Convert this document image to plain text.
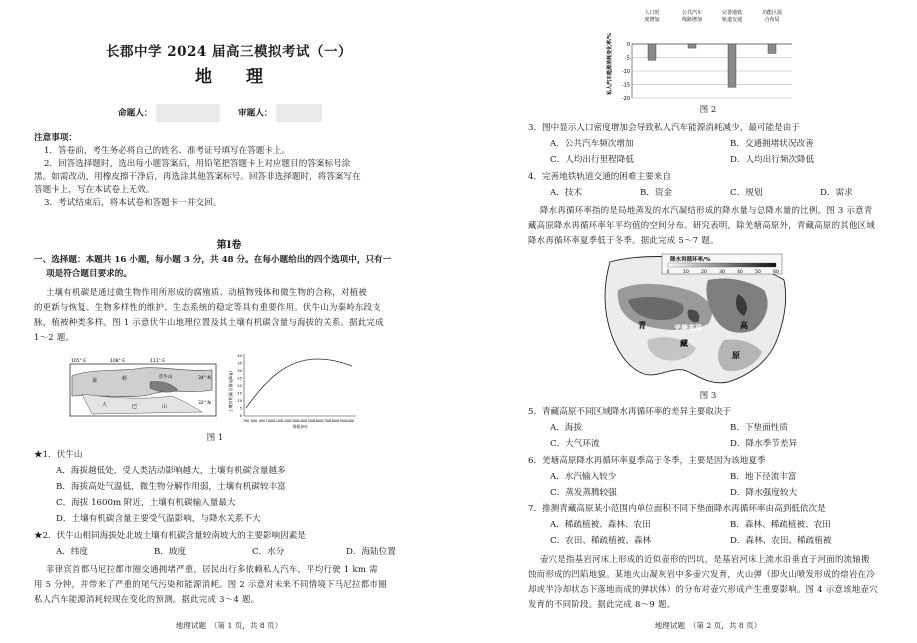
长郡中学 2024 届高三模拟考试（一）
地 理
命题人：	审题人：
注意事项：
1．答卷前，考生务必将自己的姓名、准考证号填写在答题卡上。
2．回答选择题时，选出每小题答案后，用铅笔把答题卡上对应题目的答案标号涂
黑。如需改动，用橡皮擦干净后，再选涂其他答案标号。回答非选择题时，将答案写在
答题卡上，写在本试卷上无效。
3．考试结束后，将本试卷和答题卡一并交回。
第Ⅰ卷
一、选择题：本题共 16 小题，每小题 3 分，共 48 分。在每小题给出的四个选项中，只有一
项是符合题目要求的。
土壤有机碳是通过微生物作用所形成的腐殖质、动植物残体和微生物的合称，对植被
的更新与恢复、生物多样性的维护、生态系统的稳定等具有重要作用。伏牛山为秦岭东段支
脉，植被种类多样。图 1 示意伏牛山地理位置及其土壤有机碳含量与海拔的关系。据此完成
1～2 题。
105° E	108° E	111° E
34° N
32° N
秦	岭	伏牛山
大	巴	山	土壤有机碳含量(g/kg)
40
35
30
25
20
15
10
5
0
700 800 900 1000 1100 1200 1300 1400 1500 1600 1700 1800 1900 2000
海拔(m)
图 1
★1．伏牛山
A．海拔越低处，受人类活动影响越大，土壤有机碳含量越多
B．海拔高处气温低，微生物分解作用弱，土壤有机碳较丰富
C．海拔 1600m 附近，土壤有机碳输入量最大
D．土壤有机碳含量主要受气温影响，与降水关系不大
★2．伏牛山相同海拔处北坡土壤有机碳含量较南坡大的主要影响因素是
A．纬度	B．坡度	C．水分	D．海陆位置
菲律宾首都马尼拉都市圈交通拥堵严重，居民出行多依赖私人汽车，平均行驶 1 km 需
用 5 分钟，并带来了严重的尾气污染和能源消耗。图 2 示意对未来不同情境下马尼拉都市圈
私人汽车能源消耗较现在变化的预测。据此完成 3～4 题。
地理试题　（第 1 页，共 8 页）
私人汽车能源消耗变化率/%
人口密
度增加
公共汽车
线路增加
完善地铁
轨道交通
功能区混
合布局
0
-5
-10
-15
-20
图 2
3．图中显示人口密度增加会导致私人汽车能源消耗减少，最可能是由于
A．公共汽车频次增加	B．交通拥堵状况改善
C．人均出行里程降低	D．人均出行频次降低
4．完善地铁轨道交通的困难主要来自
A．技术	B．资金	C．规划	D．需求
降水再循环率指的是局地蒸发的水汽凝结形成的降水量与总降水量的比例。图 3 示意青
藏高原降水再循环率年平均值的空间分布。研究表明，除羌塘高原外，青藏高原的其他区域
降水再循环率夏季低于冬季。据此完成 5～7 题。
降水再循环率/%
0	10	20	30	40	50	60
羌塘高原
青
藏
高
原
图 3
5．青藏高原不同区域降水再循环率的差异主要取决于
A．海拔	B．下垫面性质
C．大气环流	D．降水季节差异
6．羌塘高原降水再循环率夏季高于冬季，主要是因为该地夏季
A．水汽输入较少	B．地下径流丰富
C．蒸发蒸腾较强	D．降水强度较大
7．推测青藏高原某小范围内单位面积不同下垫面降水再循环率由高到低依次是
A．稀疏植被、森林、农田	B．森林、稀疏植被、农田
C．农田、稀疏植被、森林	D．森林、农田、稀疏植被
壶穴是指基岩河床上形成的近似壶形的凹坑，是基岩河床上流水沿垂直于河面的流轴搬
蚀而形成的凹陷地貌。某地火山凝灰岩中多壶穴发育，火山弹（即火山喷发形成的熔岩在冷
却或半冷却状态下落地而成的弹状体）的分布对壶穴形成产生重要影响。图 4 示意该地壶穴
发育的不同阶段。据此完成 8～9 题。
地理试题　（第 2 页，共 8 页）
